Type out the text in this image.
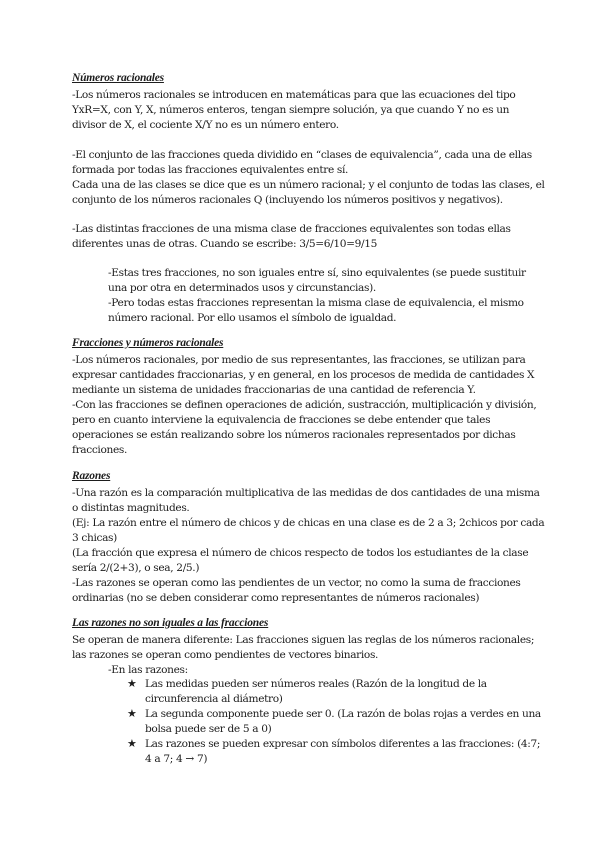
Números racionales

-Los números racionales se introducen en matemáticas para que las ecuaciones del tipo

YxR=X, con Y, X, números enteros, tengan siempre solución, ya que cuando Y no es un

divisor de X, el cociente X/Y no es un número entero.

-El conjunto de las fracciones queda dividido en “clases de equivalencia”, cada una de ellas

formada por todas las fracciones equivalentes entre sí.

Cada una de las clases se dice que es un número racional; y el conjunto de todas las clases, el

conjunto de los números racionales Q (incluyendo los números positivos y negativos).

-Las distintas fracciones de una misma clase de fracciones equivalentes son todas ellas

diferentes unas de otras. Cuando se escribe: 3/5=6/10=9/15

-Estas tres fracciones, no son iguales entre sí, sino equivalentes (se puede sustituir

una por otra en determinados usos y circunstancias).

-Pero todas estas fracciones representan la misma clase de equivalencia, el mismo

número racional. Por ello usamos el símbolo de igualdad.

Fracciones y números racionales

-Los números racionales, por medio de sus representantes, las fracciones, se utilizan para

expresar cantidades fraccionarias, y en general, en los procesos de medida de cantidades X

mediante un sistema de unidades fraccionarias de una cantidad de referencia Y.

-Con las fracciones se definen operaciones de adición, sustracción, multiplicación y división,

pero en cuanto interviene la equivalencia de fracciones se debe entender que tales

operaciones se están realizando sobre los números racionales representados por dichas

fracciones.

Razones

-Una razón es la comparación multiplicativa de las medidas de dos cantidades de una misma

o distintas magnitudes.

(Ej: La razón entre el número de chicos y de chicas en una clase es de 2 a 3; 2chicos por cada

3 chicas)

(La fracción que expresa el número de chicos respecto de todos los estudiantes de la clase

sería 2/(2+3), o sea, 2/5.)

-Las razones se operan como las pendientes de un vector, no como la suma de fracciones

ordinarias (no se deben considerar como representantes de números racionales)

Las razones no son iguales a las fracciones

Se operan de manera diferente: Las fracciones siguen las reglas de los números racionales;

las razones se operan como pendientes de vectores binarios.

-En las razones:

★ Las medidas pueden ser números reales (Razón de la longitud de la

circunferencia al diámetro)

★ La segunda componente puede ser 0. (La razón de bolas rojas a verdes en una

bolsa puede ser de 5 a 0)

★ Las razones se pueden expresar con símbolos diferentes a las fracciones: (4:7;

4 a 7; 4 → 7)
